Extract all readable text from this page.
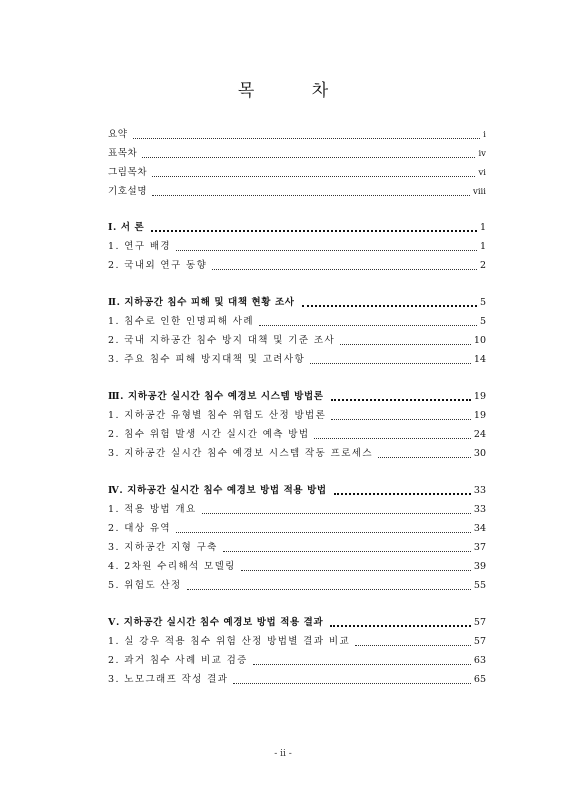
목 차
요약	i
표목차	iv
그림목차	vi
기호설명	viii
Ⅰ. 서 론	1
1. 연구 배경	1
2. 국내외 연구 동향	2
Ⅱ. 지하공간 침수 피해 및 대책 현황 조사	5
1. 침수로 인한 인명피해 사례	5
2. 국내 지하공간 침수 방지 대책 및 기준 조사	10
3. 주요 침수 피해 방지대책 및 고려사항	14
Ⅲ. 지하공간 실시간 침수 예경보 시스템 방법론	19
1. 지하공간 유형별 침수 위험도 산정 방법론	19
2. 침수 위험 발생 시간 실시간 예측 방법	24
3. 지하공간 실시간 침수 예경보 시스템 작동 프로세스	30
Ⅳ. 지하공간 실시간 침수 예경보 방법 적용 방법	33
1. 적용 방법 개요	33
2. 대상 유역	34
3. 지하공간 지형 구축	37
4. 2차원 수리해석 모델링	39
5. 위험도 산정	55
Ⅴ. 지하공간 실시간 침수 예경보 방법 적용 결과	57
1. 실 강우 적용 침수 위험 산정 방법별 결과 비교	57
2. 과거 침수 사례 비교 검증	63
3. 노모그래프 작성 결과	65
- ii -
